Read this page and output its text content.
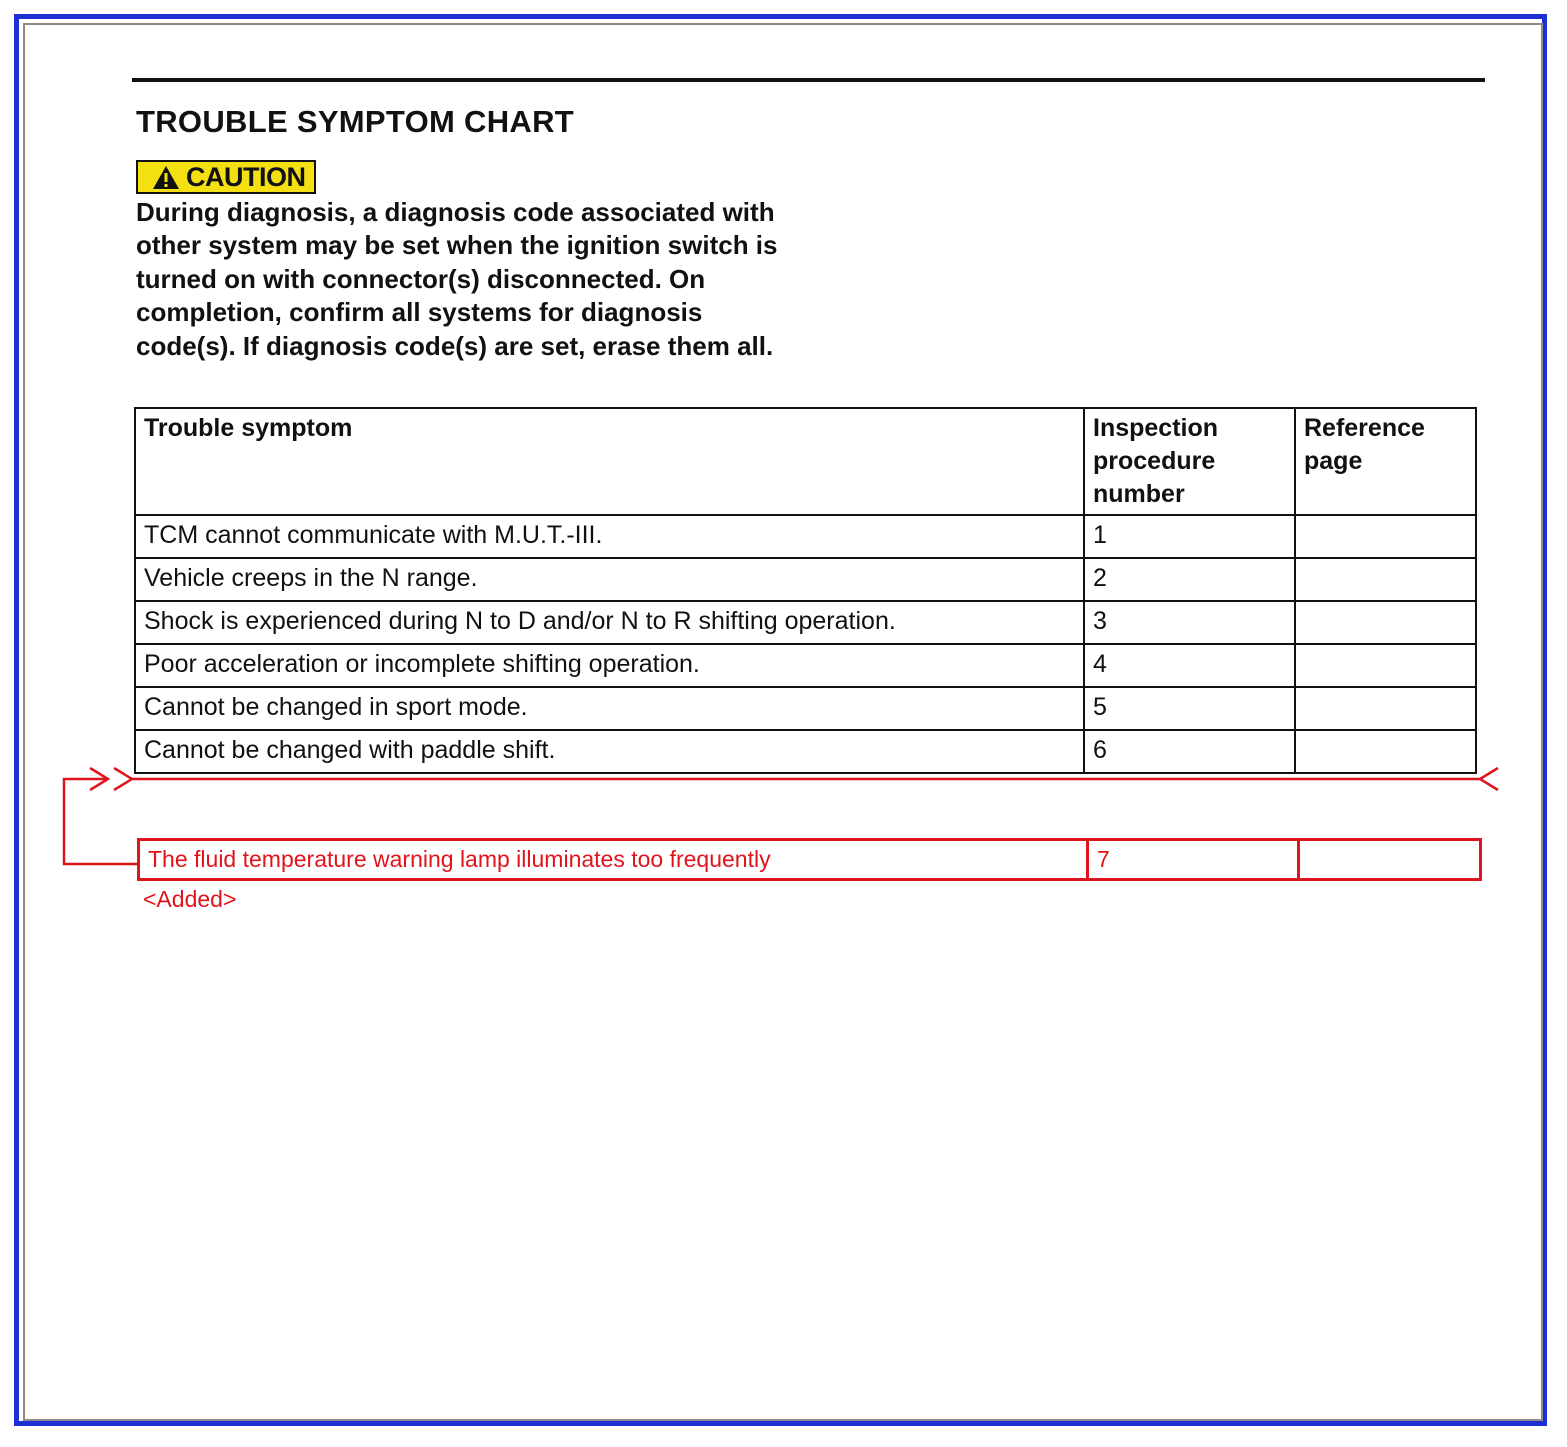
TROUBLE SYMPTOM CHART
CAUTION
During diagnosis, a diagnosis code associated with other system may be set when the ignition switch is turned on with connector(s) disconnected. On completion, confirm all systems for diagnosis code(s). If diagnosis code(s) are set, erase them all.
Trouble symptom	Inspection procedure number	Reference page
TCM cannot communicate with M.U.T.-III.	1	
Vehicle creeps in the N range.	2	
Shock is experienced during N to D and/or N to R shifting operation.	3	
Poor acceleration or incomplete shifting operation.	4	
Cannot be changed in sport mode.	5	
Cannot be changed with paddle shift.	6	
The fluid temperature warning lamp illuminates too frequently	7	
<Added>
